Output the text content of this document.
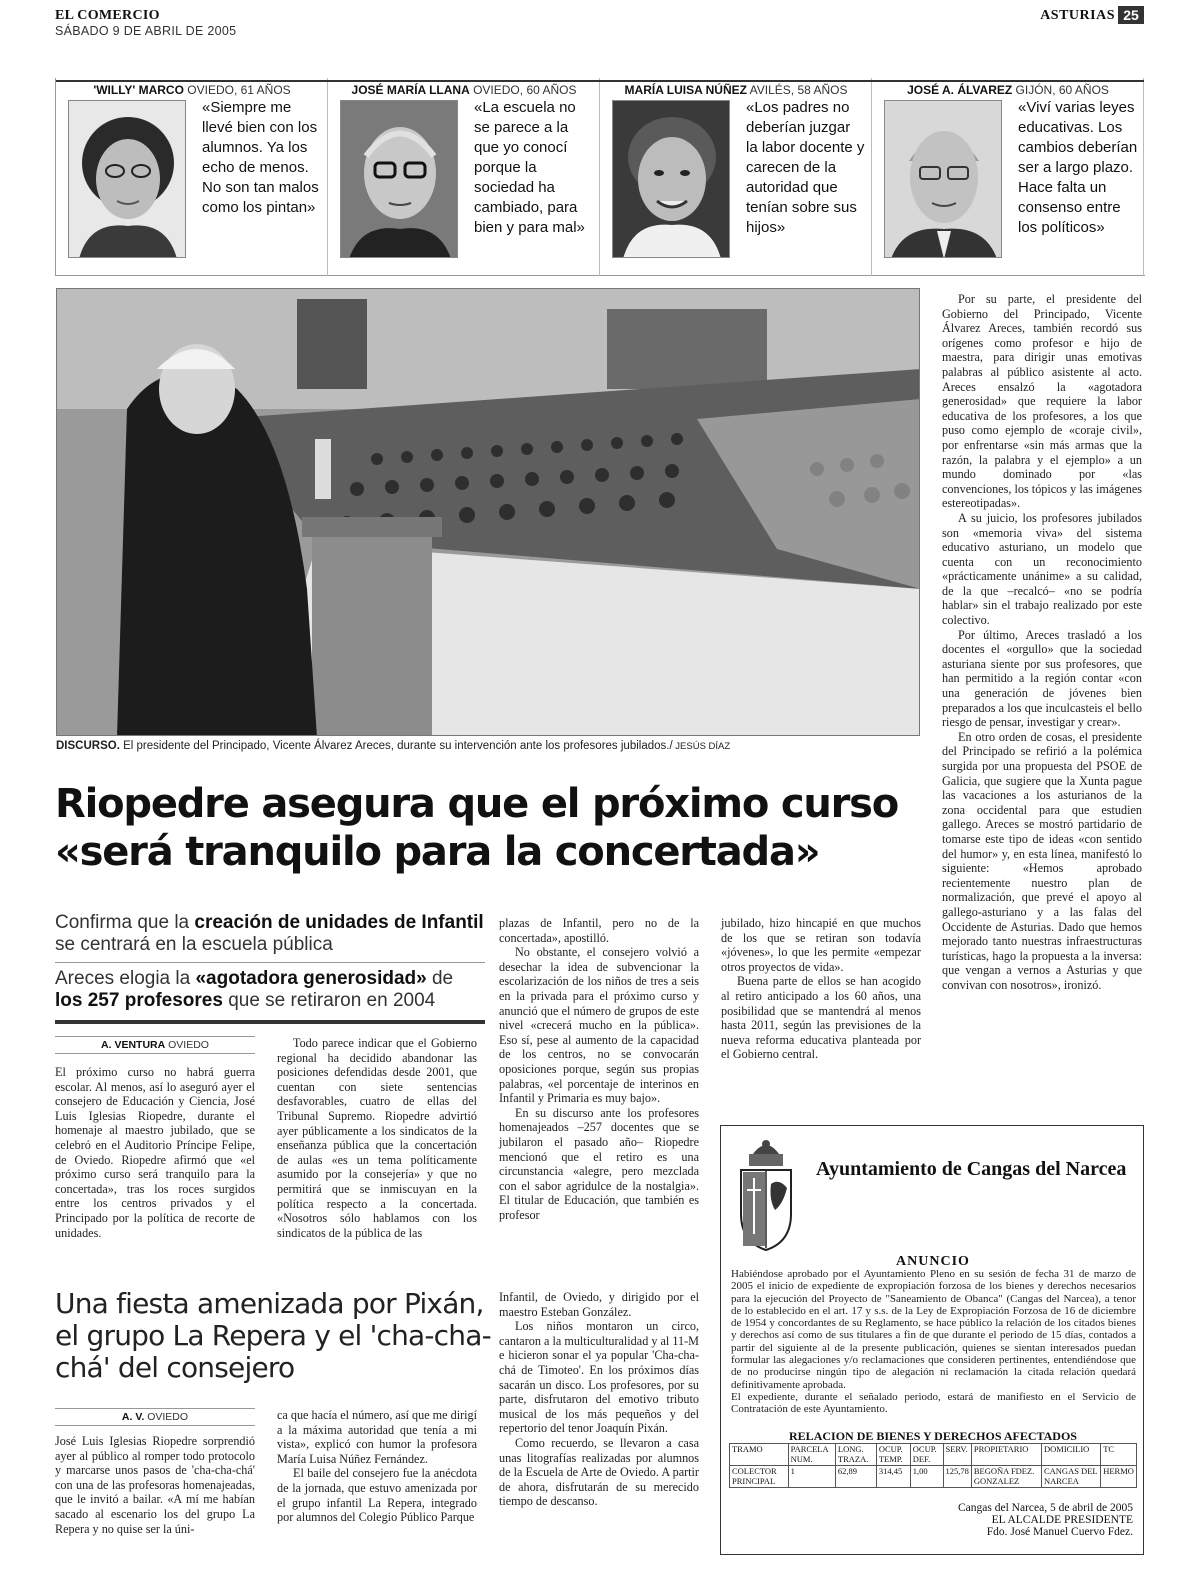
EL COMERCIO
SÁBADO 9 DE ABRIL DE 2005
ASTURIAS 25
'WILLY' MARCO OVIEDO, 61 AÑOS
«Siempre me llevé bien con los alumnos. Ya los echo de menos. No son tan malos como los pintan»
JOSÉ MARÍA LLANA OVIEDO, 60 AÑOS
«La escuela no se parece a la que yo conocí porque la sociedad ha cambiado, para bien y para mal»
MARÍA LUISA NÚÑEZ AVILÉS, 58 AÑOS
«Los padres no deberían juzgar la labor docente y carecen de la autoridad que tenían sobre sus hijos»
JOSÉ A. ÁLVAREZ GIJÓN, 60 AÑOS
«Viví varias leyes educativas. Los cambios deberían ser a largo plazo. Hace falta un consenso entre los políticos»
DISCURSO. El presidente del Principado, Vicente Álvarez Areces, durante su intervención ante los profesores jubilados./ JESÚS DÍAZ

Por su parte, el presidente del Gobierno del Principado, Vicente Álvarez Areces, también recordó sus orígenes como profesor e hijo de maestra, para dirigir unas emotivas palabras al público asistente al acto. Areces ensalzó la «agotadora generosidad» que requiere la labor educativa de los profesores, a los que puso como ejemplo de «coraje civil», por enfrentarse «sin más armas que la razón, la palabra y el ejemplo» a un mundo dominado por «las convenciones, los tópicos y las imágenes estereotipadas».

A su juicio, los profesores jubilados son «memoria viva» del sistema educativo asturiano, un modelo que cuenta con un reconocimiento «prácticamente unánime» a su calidad, de la que –recalcó– «no se podría hablar» sin el trabajo realizado por este colectivo.

Por último, Areces trasladó a los docentes el «orgullo» que la sociedad asturiana siente por sus profesores, que han permitido a la región contar «con una generación de jóvenes bien preparados a los que inculcasteis el bello riesgo de pensar, investigar y crear».

En otro orden de cosas, el presidente del Principado se refirió a la polémica surgida por una propuesta del PSOE de Galicia, que sugiere que la Xunta pague las vacaciones a los asturianos de la zona occidental para que estudien gallego. Areces se mostró partidario de tomarse este tipo de ideas «con sentido del humor» y, en esta línea, manifestó lo siguiente: «Hemos aprobado recientemente nuestro plan de normalización, que prevé el apoyo al gallego-asturiano y a las falas del Occidente de Asturias. Dado que hemos mejorado tanto nuestras infraestructuras turísticas, hago la propuesta a la inversa: que vengan a vernos a Asturias y que convivan con nosotros», ironizó.

Riopedre asegura que el próximo curso «será tranquilo para la concertada»
Confirma que la creación de unidades de Infantil se centrará en la escuela pública
Areces elogia la «agotadora generosidad» de los 257 profesores que se retiraron en 2004
A. VENTURA OVIEDO

El próximo curso no habrá guerra escolar. Al menos, así lo aseguró ayer el consejero de Educación y Ciencia, José Luis Iglesias Riopedre, durante el homenaje al maestro jubilado, que se celebró en el Auditorio Príncipe Felipe, de Oviedo. Riopedre afirmó que «el próximo curso será tranquilo para la concertada», tras los roces surgidos entre los centros privados y el Principado por la política de recorte de unidades.

Todo parece indicar que el Gobierno regional ha decidido abandonar las posiciones defendidas desde 2001, que cuentan con siete sentencias desfavorables, cuatro de ellas del Tribunal Supremo. Riopedre advirtió ayer públicamente a los sindicatos de la enseñanza pública que la concertación de aulas «es un tema políticamente asumido por la consejería» y que no permitirá que se inmiscuyan en la política respecto a la concertada. «Nosotros sólo hablamos con los sindicatos de la pública de las

plazas de Infantil, pero no de la concertada», apostilló.

No obstante, el consejero volvió a desechar la idea de subvencionar la escolarización de los niños de tres a seis en la privada para el próximo curso y anunció que el número de grupos de este nivel «crecerá mucho en la pública». Eso sí, pese al aumento de la capacidad de los centros, no se convocarán oposiciones porque, según sus propias palabras, «el porcentaje de interinos en Infantil y Primaria es muy bajo».

En su discurso ante los profesores homenajeados –257 docentes que se jubilaron el pasado año– Riopedre mencionó que el retiro es una circunstancia «alegre, pero mezclada con el sabor agridulce de la nostalgia». El titular de Educación, que también es profesor

jubilado, hizo hincapié en que muchos de los que se retiran son todavía «jóvenes», lo que les permite «empezar otros proyectos de vida».

Buena parte de ellos se han acogido al retiro anticipado a los 60 años, una posibilidad que se mantendrá al menos hasta 2011, según las previsiones de la nueva reforma educativa planteada por el Gobierno central.

Una fiesta amenizada por Pixán, el grupo La Repera y el 'cha-cha-chá' del consejero
A. V. OVIEDO

José Luis Iglesias Riopedre sorprendió ayer al público al romper todo protocolo y marcarse unos pasos de 'cha-cha-chá' con una de las profesoras homenajeadas, que le invitó a bailar. «A mí me habían sacado al escenario los del grupo La Repera y no quise ser la úni-

ca que hacía el número, así que me dirigí a la máxima autoridad que tenía a mi vista», explicó con humor la profesora María Luisa Núñez Fernández.

El baile del consejero fue la anécdota de la jornada, que estuvo amenizada por el grupo infantil La Repera, integrado por alumnos del Colegio Público Parque

Infantil, de Oviedo, y dirigido por el maestro Esteban González.

Los niños montaron un circo, cantaron a la multiculturalidad y al 11-M e hicieron sonar el ya popular 'Cha-cha-chá de Timoteo'. En los próximos días sacarán un disco. Los profesores, por su parte, disfrutaron del emotivo tributo musical de los más pequeños y del repertorio del tenor Joaquín Pixán.

Como recuerdo, se llevaron a casa unas litografías realizadas por alumnos de la Escuela de Arte de Oviedo. A partir de ahora, disfrutarán de su merecido tiempo de descanso.

Ayuntamiento de Cangas del Narcea
ANUNCIO

Habiéndose aprobado por el Ayuntamiento Pleno en su sesión de fecha 31 de marzo de 2005 el inicio de expediente de expropiación forzosa de los bienes y derechos necesarios para la ejecución del Proyecto de "Saneamiento de Obanca" (Cangas del Narcea), a tenor de lo establecido en el art. 17 y s.s. de la Ley de Expropiación Forzosa de 16 de diciembre de 1954 y concordantes de su Reglamento, se hace público la relación de los citados bienes y derechos así como de sus titulares a fin de que durante el periodo de 15 días, contados a partir del siguiente al de la presente publicación, quienes se sientan interesados puedan formular las alegaciones y/o reclamaciones que consideren pertinentes, entendiéndose que de no producirse ningún tipo de alegación ni reclamación la citada relación quedará definitivamente aprobada.

El expediente, durante el señalado periodo, estará de manifiesto en el Servicio de Contratación de este Ayuntamiento.

RELACION DE BIENES Y DERECHOS AFECTADOS
TRAMO	PARCELA NUM.	LONG. TRAZA.	OCUP. TEMP.	OCUP. DEF.	SERV.	PROPIETARIO	DOMICILIO	TC
COLECTOR PRINCIPAL	1	62,89	314,45	1,00	125,78	BEGOÑA FDEZ. GONZALEZ	CANGAS DEL NARCEA	HERMO
Cangas del Narcea, 5 de abril de 2005
EL ALCALDE PRESIDENTE
Fdo. José Manuel Cuervo Fdez.
